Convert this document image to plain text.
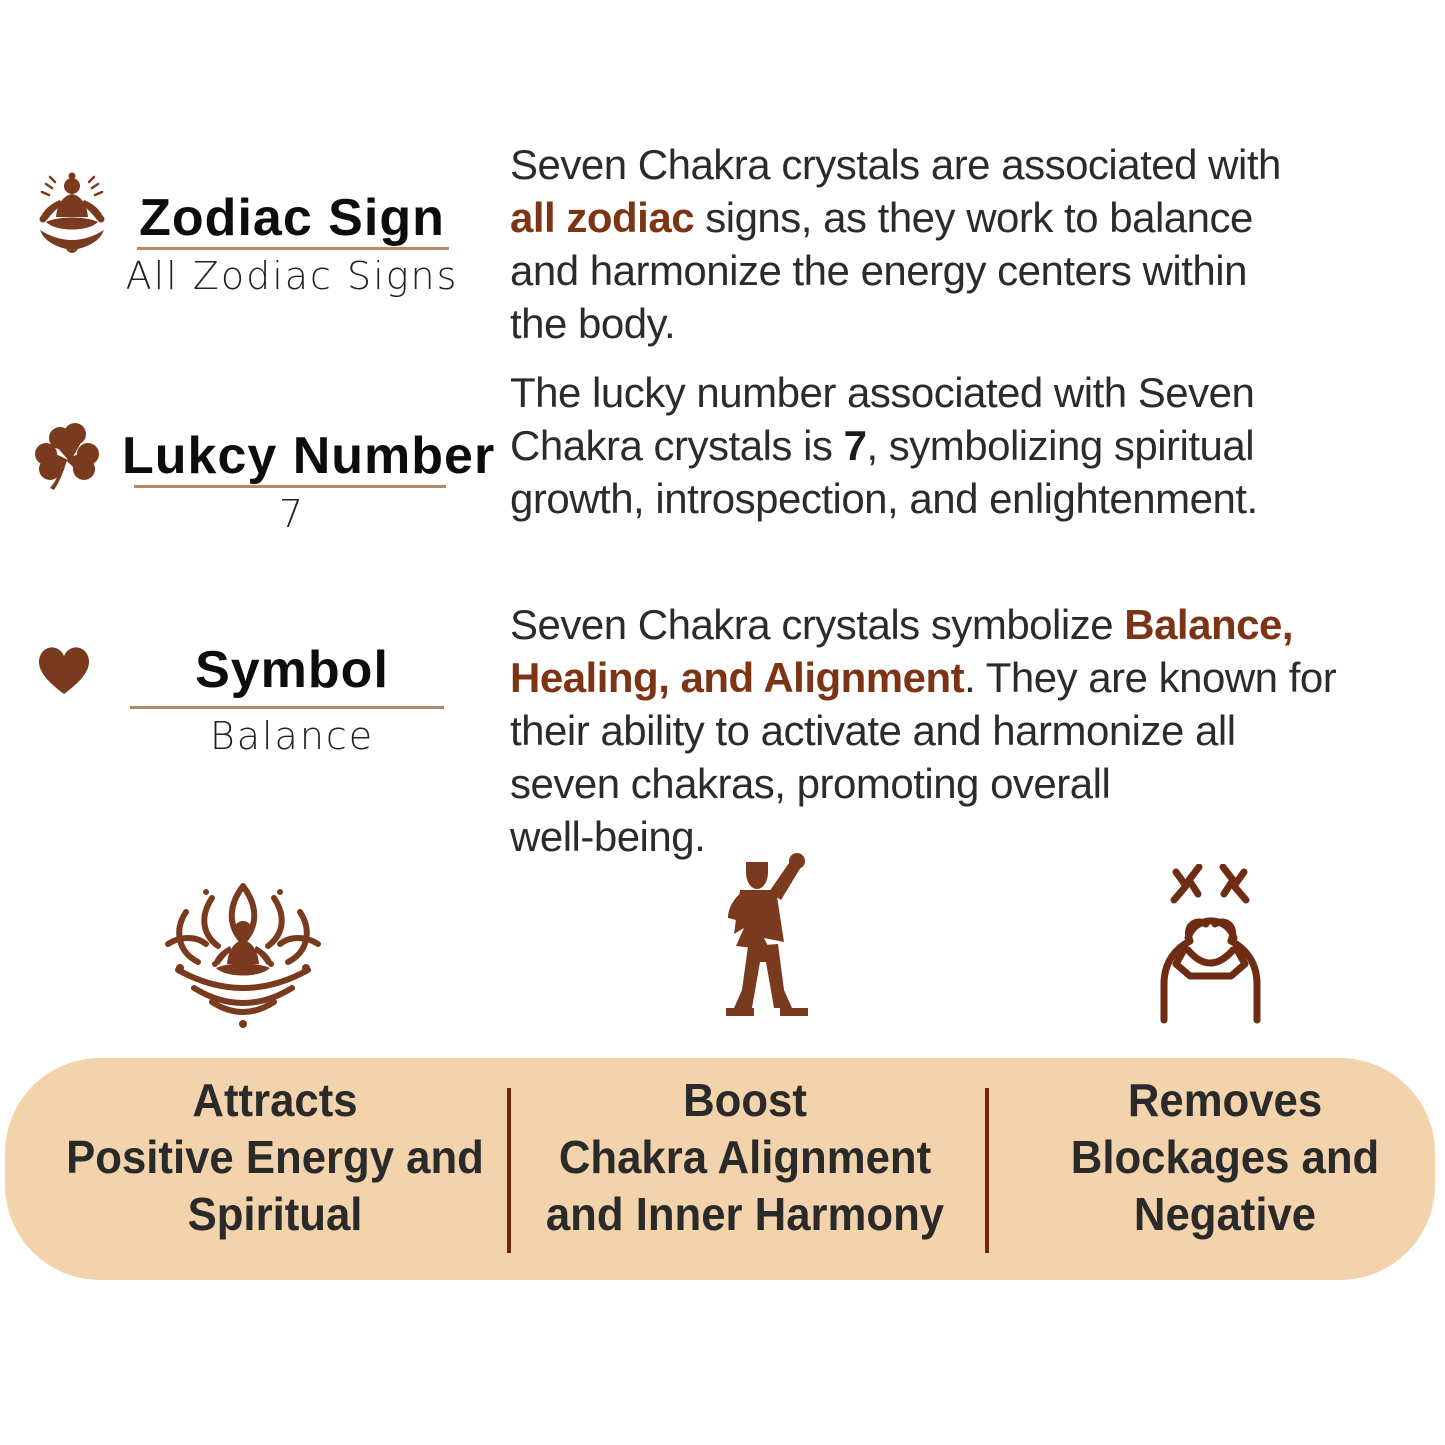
Zodiac Sign
All Zodiac Signs
Seven Chakra crystals are associated with
all zodiac signs, as they work to balance
and harmonize the energy centers within
the body.
Lukcy Number
7
The lucky number associated with Seven
Chakra crystals is 7, symbolizing spiritual
growth, introspection, and enlightenment.
Symbol
Balance
Seven Chakra crystals symbolize Balance,
Healing, and Alignment. They are known for
their ability to activate and harmonize all
seven chakras, promoting overall
well-being.
Attracts
Positive Energy and
Spiritual
Boost
Chakra Alignment
and Inner Harmony
Removes
Blockages and
Negative
